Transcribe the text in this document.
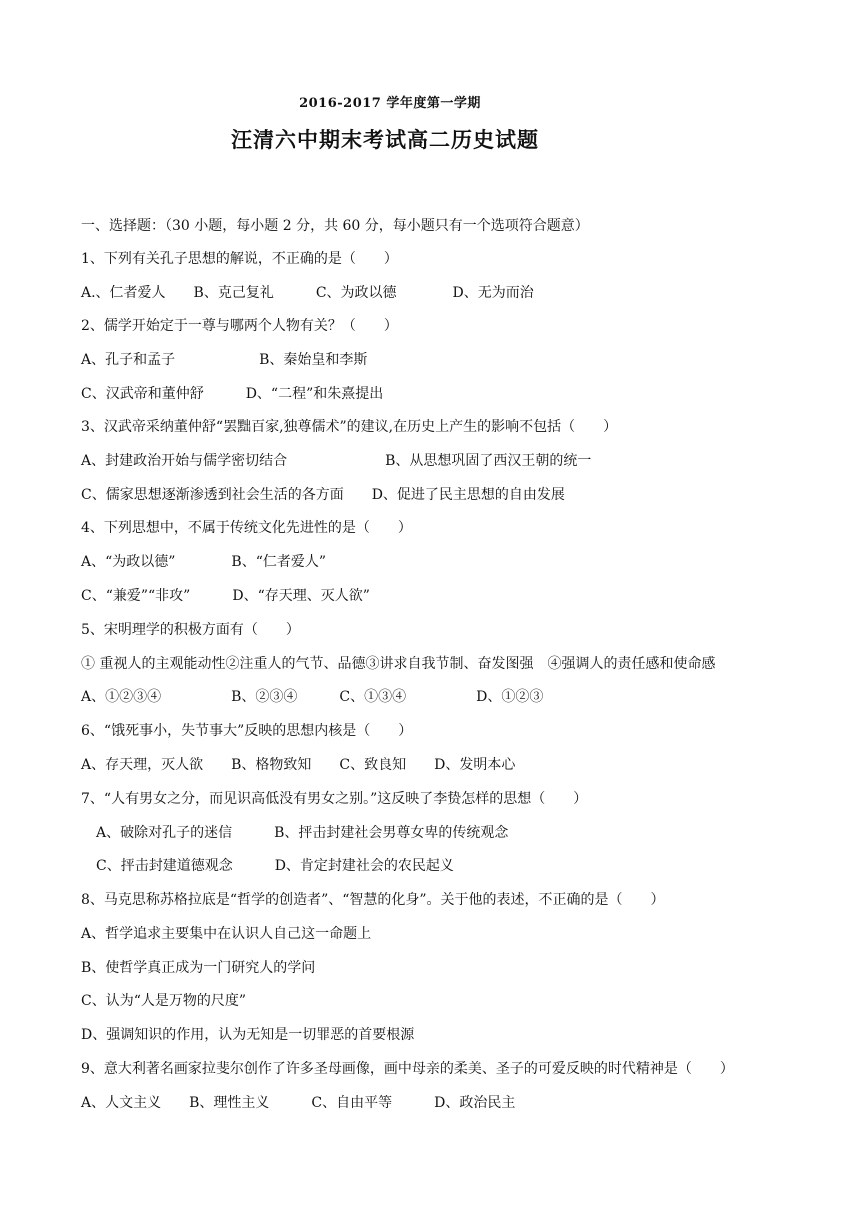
2016-2017 学年度第一学期
汪清六中期末考试高二历史试题
一、选择题：（30 小题，每小题 2 分，共 60 分，每小题只有一个选项符合题意）
1、下列有关孔子思想的解说，不正确的是（　　）
A.、仁者爱人　　B、克己复礼　　　C、为政以德　　　　D、无为而治
2、儒学开始定于一尊与哪两个人物有关？（　　）
A、孔子和孟子　　　　　　B、秦始皇和李斯
C、汉武帝和董仲舒　　　D、“二程”和朱熹提出
3、汉武帝采纳董仲舒“罢黜百家,独尊儒术”的建议,在历史上产生的影响不包括（　　）
A、封建政治开始与儒学密切结合　　　　　　　B、从思想巩固了西汉王朝的统一
C、儒家思想逐渐渗透到社会生活的各方面　　D、促进了民主思想的自由发展
4、下列思想中，不属于传统文化先进性的是（　　）
A、“为政以德”　　　　B、“仁者爱人”
C、“兼爱”“非攻”　　　D、“存天理、灭人欲”
5、宋明理学的积极方面有（　　）
① 重视人的主观能动性②注重人的气节、品德③讲求自我节制、奋发图强　④强调人的责任感和使命感
A、①②③④　　　　　B、②③④　　　C、①③④　　　　　D、①②③
6、“饿死事小，失节事大”反映的思想内核是（　　）
A、存天理，灭人欲　　B、格物致知　　C、致良知　　D、发明本心
7、“人有男女之分，而见识高低没有男女之别。”这反映了李贽怎样的思想（　　）
A、破除对孔子的迷信　　　B、抨击封建社会男尊女卑的传统观念
C、抨击封建道德观念　　　D、肯定封建社会的农民起义
8、马克思称苏格拉底是“哲学的创造者”、“智慧的化身”。关于他的表述，不正确的是（　　）
A、哲学追求主要集中在认识人自己这一命题上
B、使哲学真正成为一门研究人的学问
C、认为“人是万物的尺度”
D、强调知识的作用，认为无知是一切罪恶的首要根源
9、意大利著名画家拉斐尔创作了许多圣母画像，画中母亲的柔美、圣子的可爱反映的时代精神是（　　）
A、人文主义　　B、理性主义　　　C、自由平等　　　D、政治民主
